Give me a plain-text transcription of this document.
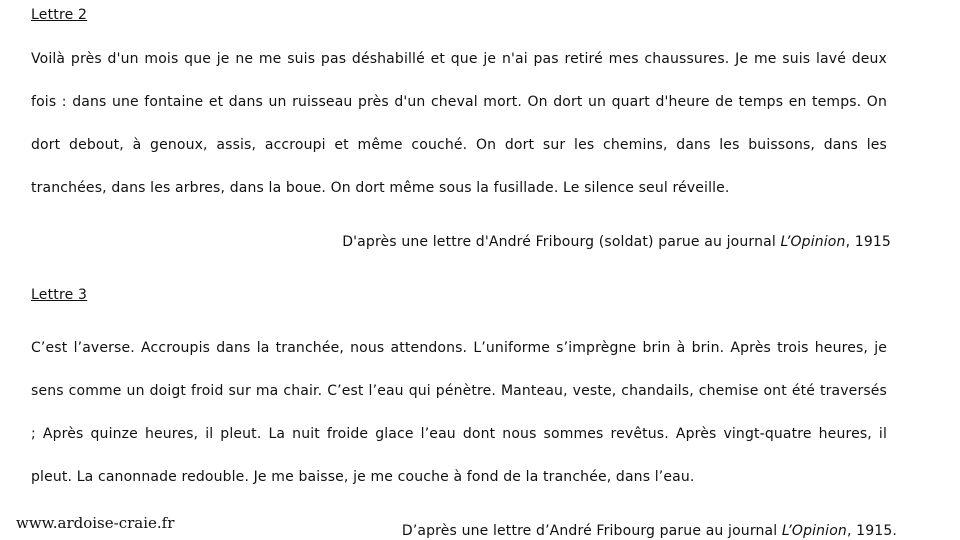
Lettre 2
Voilà près d'un mois que je ne me suis pas déshabillé et que je n'ai pas retiré mes chaussures. Je me suis lavé deux
fois : dans une fontaine et dans un ruisseau près d'un cheval mort. On dort un quart d'heure de temps en temps. On
dort debout, à genoux, assis, accroupi et même couché. On dort sur les chemins, dans les buissons, dans les
tranchées, dans les arbres, dans la boue. On dort même sous la fusillade. Le silence seul réveille.
D'après une lettre d'André Fribourg (soldat) parue au journal L’Opinion, 1915
Lettre 3
C’est l’averse. Accroupis dans la tranchée, nous attendons. L’uniforme s’imprègne brin à brin. Après trois heures, je
sens comme un doigt froid sur ma chair. C’est l’eau qui pénètre. Manteau, veste, chandails, chemise ont été traversés
; Après quinze heures, il pleut. La nuit froide glace l’eau dont nous sommes revêtus. Après vingt-quatre heures, il
pleut. La canonnade redouble. Je me baisse, je me couche à fond de la tranchée, dans l’eau.
D’après une lettre d’André Fribourg parue au journal L’Opinion, 1915.
www.ardoise-craie.fr
